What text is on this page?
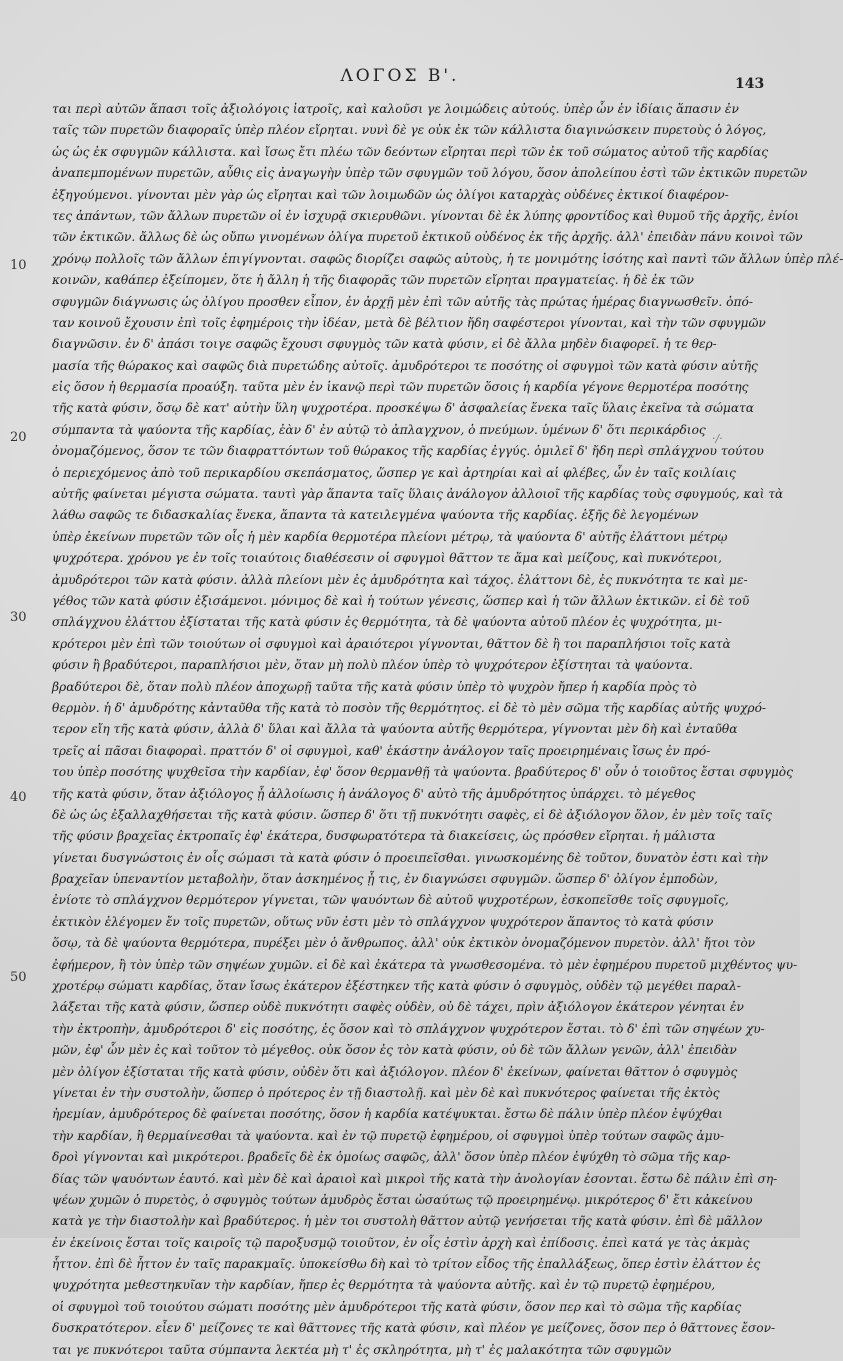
ΛΟΓΟΣ Β'.	143
10
20
30
40
50
·/·
ται περὶ αὐτῶν ἅπασι τοῖς ἀξιολόγοις ἰατροῖς, καὶ καλοῦσι γε λοιμώδεις αὐτούς. ὑπὲρ ὧν ἐν ἰδίαις ἅπασιν ἐν
ταῖς τῶν πυρετῶν διαφοραῖς ὑπὲρ πλέον εἴρηται. νυνὶ δὲ γε οὐκ ἐκ τῶν κάλλιστα διαγινώσκειν πυρετοὺς ὁ λόγος,
ὡς ὡς ἐκ σφυγμῶν κάλλιστα. καὶ ἴσως ἔτι πλέω τῶν δεόντων εἴρηται περὶ τῶν ἐκ τοῦ σώματος αὐτοῦ τῆς καρδίας
ἀναπεμπομένων πυρετῶν, αὖθις εἰς ἀναγωγὴν ὑπὲρ τῶν σφυγμῶν τοῦ λόγου, ὅσον ἀπολείπου ἐστὶ τῶν ἐκτικῶν πυρετῶν
ἐξηγούμενοι. γίνονται μὲν γὰρ ὡς εἴρηται καὶ τῶν λοιμωδῶν ὡς ὀλίγοι καταρχὰς οὐδένες ἐκτικοί διαφέρον-
τες ἁπάντων, τῶν ἄλλων πυρετῶν οἱ ἐν ἰσχυρᾷ σκιερυθῶνι. γίνονται δὲ ἐκ λύπης φροντίδος καὶ θυμοῦ τῆς ἀρχῆς, ἐνίοι
τῶν ἐκτικῶν. ἄλλως δὲ ὡς οὔπω γινομένων ὀλίγα πυρετοῦ ἐκτικοῦ οὐδένος ἐκ τῆς ἀρχῆς. ἀλλ' ἐπειδὰν πάνυ κοινοὶ τῶν
χρόνῳ πολλοῖς τῶν ἄλλων ἐπιγίγνονται. σαφῶς διορίζει σαφῶς αὐτοὺς, ἡ τε μονιμότης ἰσότης καὶ παντὶ τῶν ἄλλων ὑπὲρ πλέ-
κοινῶν, καθάπερ ἐξείπομεν, ὅτε ἡ ἄλλη ἡ τῆς διαφορᾶς τῶν πυρετῶν εἴρηται πραγματείας. ἡ δὲ ἐκ τῶν
σφυγμῶν διάγνωσις ὡς ὀλίγου προσθεν εἶπον, ἐν ἀρχῇ μὲν ἐπὶ τῶν αὐτῆς τὰς πρώτας ἡμέρας διαγνωσθεῖν. ὁπό-
ταν κοινοῦ ἔχουσιν ἐπὶ τοῖς ἐφημέροις τὴν ἰδέαν, μετὰ δὲ βέλτιον ἤδη σαφέστεροι γίνονται, καὶ τὴν τῶν σφυγμῶν
διαγνῶσιν. ἐν δ' ἀπάσι τοιγε σαφῶς ἔχουσι σφυγμὸς τῶν κατὰ φύσιν, εἰ δὲ ἄλλα μηδὲν διαφορεῖ. ἡ τε θερ-
μασία τῆς θώρακος καὶ σαφῶς διὰ πυρετώδης αὐτοῖς. ἀμυδρότεροι τε ποσότης οἱ σφυγμοὶ τῶν κατὰ φύσιν αὐτῆς
εἰς ὅσον ἡ θερμασία προαύξη. ταῦτα μὲν ἐν ἱκανῷ περὶ τῶν πυρετῶν ὅσοις ἡ καρδία γέγονε θερμοτέρα ποσότης
τῆς κατὰ φύσιν, ὅσῳ δὲ κατ' αὐτὴν ὕλη ψυχροτέρα. προσκέψω δ' ἀσφαλείας ἕνεκα ταῖς ὕλαις ἐκεῖνα τὰ σώματα
σύμπαντα τὰ ψαύοντα τῆς καρδίας, ἐὰν δ' ἐν αὐτῷ τὸ ἀπλαγχνον, ὁ πνεύμων. ὑμένων δ' ὅτι περικάρδιος
ὀνομαζόμενος, ὅσον τε τῶν διαφραττόντων τοῦ θώρακος τῆς καρδίας ἐγγύς. ὁμιλεῖ δ' ἤδη περὶ σπλάγχνου τούτου
ὁ περιεχόμενος ἀπὸ τοῦ περικαρδίου σκεπάσματος, ὥσπερ γε καὶ ἀρτηρίαι καὶ αἱ φλέβες, ὧν ἐν ταῖς κοιλίαις
αὐτῆς φαίνεται μέγιστα σώματα. ταυτὶ γὰρ ἅπαντα ταῖς ὕλαις ἀνάλογον ἀλλοιοῖ τῆς καρδίας τοὺς σφυγμούς, καὶ τὰ
λάθω σαφῶς τε διδασκαλίας ἕνεκα, ἅπαντα τὰ κατειλεγμένα ψαύοντα τῆς καρδίας. ἑξῆς δὲ λεγομένων
ὑπὲρ ἐκείνων πυρετῶν τῶν οἷς ἡ μὲν καρδία θερμοτέρα πλείονι μέτρῳ, τὰ ψαύοντα δ' αὐτῆς ἐλάττονι μέτρῳ
ψυχρότερα. χρόνου γε ἐν τοῖς τοιαύτοις διαθέσεσιν οἱ σφυγμοὶ θᾶττον τε ἅμα καὶ μείζους, καὶ πυκνότεροι,
ἀμυδρότεροι τῶν κατὰ φύσιν. ἀλλὰ πλείονι μὲν ἐς ἀμυδρότητα καὶ τάχος. ἐλάττονι δὲ, ἐς πυκνότητα τε καὶ με-
γέθος τῶν κατὰ φύσιν ἐξισάμενοι. μόνιμος δὲ καὶ ἡ τούτων γένεσις, ὥσπερ καὶ ἡ τῶν ἄλλων ἐκτικῶν. εἰ δὲ τοῦ
σπλάγχνου ἐλάττου ἐξίσταται τῆς κατὰ φύσιν ἐς θερμότητα, τὰ δὲ ψαύοντα αὐτοῦ πλέον ἐς ψυχρότητα, μι-
κρότεροι μὲν ἐπὶ τῶν τοιούτων οἱ σφυγμοὶ καὶ ἀραιότεροι γίγνονται, θᾶττον δὲ ἢ τοι παραπλήσιοι τοῖς κατὰ
φύσιν ἢ βραδύτεροι, παραπλήσιοι μὲν, ὅταν μὴ πολὺ πλέον ὑπὲρ τὸ ψυχρότερον ἐξίστηται τὰ ψαύοντα.
βραδύτεροι δὲ, ὅταν πολὺ πλέον ἀποχωρῇ ταῦτα τῆς κατὰ φύσιν ὑπὲρ τὸ ψυχρὸν ἤπερ ἡ καρδία πρὸς τὸ
θερμὸν. ἡ δ' ἀμυδρότης κἀνταῦθα τῆς κατὰ τὸ ποσὸν τῆς θερμότητος. εἰ δὲ τὸ μὲν σῶμα τῆς καρδίας αὐτῆς ψυχρό-
τερον εἴη τῆς κατὰ φύσιν, ἀλλὰ δ' ὕλαι καὶ ἄλλα τὰ ψαύοντα αὐτῆς θερμότερα, γίγνονται μὲν δὴ καὶ ἐνταῦθα
τρεῖς αἱ πᾶσαι διαφοραὶ. πραττόν δ' οἱ σφυγμοὶ, καθ' ἑκάστην ἀνάλογον ταῖς προειρημέναις ἴσως ἐν πρό-
του ὑπὲρ ποσότης ψυχθεῖσα τὴν καρδίαν, ἐφ' ὅσον θερμανθῇ τὰ ψαύοντα. βραδύτερος δ' οὖν ὁ τοιοῦτος ἔσται σφυγμὸς
τῆς κατὰ φύσιν, ὅταν ἀξιόλογος ᾖ ἀλλοίωσις ἡ ἀνάλογος δ' αὐτὸ τῆς ἀμυδρότητος ὑπάρχει. τὸ μέγεθος
δὲ ὡς ὡς ἐξαλλαχθήσεται τῆς κατὰ φύσιν. ὥσπερ δ' ὅτι τῇ πυκνότητι σαφὲς, εἰ δὲ ἀξιόλογον ὅλον, ἐν μὲν τοῖς ταῖς
τῆς φύσιν βραχεῖας ἐκτροπαῖς ἐφ' ἑκάτερα, δυσφωρατότερα τὰ διακείσεις, ὡς πρόσθεν εἴρηται. ἡ μάλιστα
γίνεται δυσγνώστοις ἐν οἷς σώμασι τὰ κατὰ φύσιν ὁ προειπεῖσθαι. γινωσκομένης δὲ τοῦτον, δυνατὸν ἐστι καὶ τὴν
βραχεῖαν ὑπεναντίον μεταβολὴν, ὅταν ἀσκημένος ᾖ τις, ἐν διαγνώσει σφυγμῶν. ὥσπερ δ' ὀλίγον ἐμποδὼν,
ἐνίοτε τὸ σπλάγχνον θερμότερον γίγνεται, τῶν ψαυόντων δὲ αὐτοῦ ψυχροτέρων, ἐσκοπεῖσθε τοῖς σφυγμοῖς,
ἐκτικὸν ἐλέγομεν ἔν τοῖς πυρετῶν, οὕτως νῦν ἐστι μὲν τὸ σπλάγχνον ψυχρότερον ἅπαντος τὸ κατὰ φύσιν
ὅσῳ, τὰ δὲ ψαύοντα θερμότερα, πυρέξει μὲν ὁ ἄνθρωπος. ἀλλ' οὐκ ἐκτικὸν ὀνομαζόμενον πυρετὸν. ἀλλ' ἤτοι τὸν
ἐφήμερον, ἢ τὸν ὑπὲρ τῶν σηψέων χυμῶν. εἰ δὲ καὶ ἑκάτερα τὰ γνωσθεσομένα. τὸ μὲν ἐφημέρου πυρετοῦ μιχθέντος ψυ-
χροτέρῳ σώματι καρδίας, ὅταν ἴσως ἑκάτερον ἐξέστηκεν τῆς κατὰ φύσιν ὁ σφυγμὸς, οὐδὲν τῷ μεγέθει παραλ-
λάξεται τῆς κατὰ φύσιν, ὥσπερ οὐδὲ πυκνότητι σαφὲς οὐδὲν, οὐ δὲ τάχει, πρὶν ἀξιόλογον ἑκάτερον γένηται ἐν
τὴν ἐκτροπὴν, ἀμυδρότεροι δ' εἰς ποσότης, ἐς ὅσον καὶ τὸ σπλάγχνον ψυχρότερον ἔσται. τὸ δ' ἐπὶ τῶν σηψέων χυ-
μῶν, ἐφ' ὧν μὲν ἐς καὶ τοῦτον τὸ μέγεθος. οὐκ ὅσον ἐς τὸν κατὰ φύσιν, οὐ δὲ τῶν ἄλλων γενῶν, ἀλλ' ἐπειδὰν
μὲν ὀλίγον ἐξίσταται τῆς κατὰ φύσιν, οὐδὲν ὅτι καὶ ἀξιόλογον. πλέον δ' ἐκείνων, φαίνεται θᾶττον ὁ σφυγμὸς
γίνεται ἐν τὴν συστολὴν, ὥσπερ ὁ πρότερος ἐν τῇ διαστολῇ. καὶ μὲν δὲ καὶ πυκνότερος φαίνεται τῆς ἐκτὸς
ἠρεμίαν, ἀμυδρότερος δὲ φαίνεται ποσότης, ὅσον ἡ καρδία κατέψυκται. ἔστω δὲ πάλιν ὑπὲρ πλέον ἐψύχθαι
τὴν καρδίαν, ἢ θερμαίνεσθαι τὰ ψαύοντα. καὶ ἐν τῷ πυρετῷ ἐφημέρου, οἱ σφυγμοὶ ὑπὲρ τούτων σαφῶς ἀμυ-
δροὶ γίγνονται καὶ μικρότεροι. βραδεῖς δὲ ἐκ ὁμοίως σαφῶς, ἀλλ' ὅσον ὑπὲρ πλέον ἐψύχθη τὸ σῶμα τῆς καρ-
δίας τῶν ψαυόντων ἑαυτό. καὶ μὲν δὲ καὶ ἀραιοὶ καὶ μικροὶ τῆς κατὰ τὴν ἀνολογίαν ἐσονται. ἔστω δὲ πάλιν ἐπὶ ση-
ψέων χυμῶν ὁ πυρετὸς, ὁ σφυγμὸς τούτων ἀμυδρὸς ἔσται ὡσαύτως τῷ προειρημένῳ. μικρότερος δ' ἔτι κἀκείνου
κατὰ γε τὴν διαστολὴν καὶ βραδύτερος. ἡ μὲν τοι συστολὴ θᾶττον αὐτῷ γενήσεται τῆς κατὰ φύσιν. ἐπὶ δὲ μᾶλλον
ἐν ἐκείνοις ἔσται τοῖς καιροῖς τῷ παροξυσμῷ τοιοῦτον, ἐν οἷς ἐστὶν ἀρχὴ καὶ ἐπίδοσις. ἐπεὶ κατά γε τὰς ἀκμὰς
ἧττον. ἐπὶ δὲ ἧττον ἐν ταῖς παρακμαῖς. ὑποκείσθω δὴ καὶ τὸ τρίτον εἶδος τῆς ἐπαλλάξεως, ὅπερ ἐστὶν ἐλάττον ἐς
ψυχρότητα μεθεστηκυῖαν τὴν καρδίαν, ἤπερ ἐς θερμότητα τὰ ψαύοντα αὐτῆς. καὶ ἐν τῷ πυρετῷ ἐφημέρου,
οἱ σφυγμοὶ τοῦ τοιούτου σώματι ποσότης μὲν ἀμυδρότεροι τῆς κατὰ φύσιν, ὅσον περ καὶ τὸ σῶμα τῆς καρδίας
δυσκρατότερον. εἶεν δ' μείζονες τε καὶ θᾶττονες τῆς κατὰ φύσιν, καὶ πλέον γε μείζονες, ὅσον περ ὁ θᾶττονες ἔσον-
ται γε πυκνότεροι ταῦτα σύμπαντα λεκτέα μὴ τ' ἐς σκληρότητα, μὴ τ' ἐς μαλακότητα τῶν σφυγμῶν
